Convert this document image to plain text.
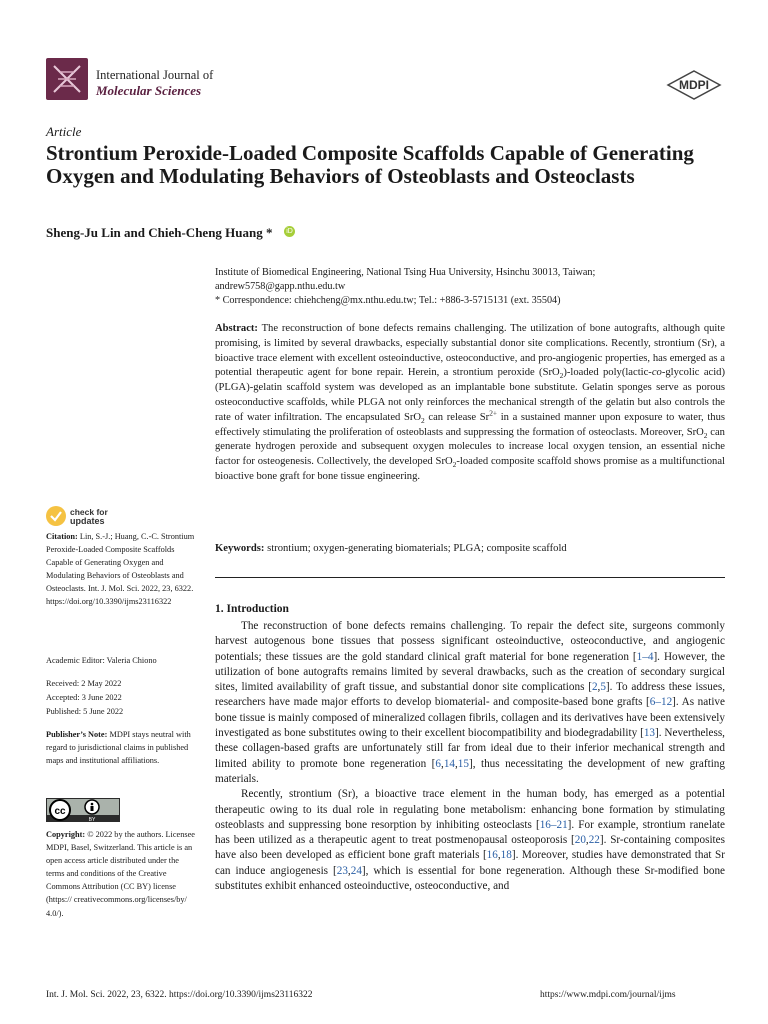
International Journal of
Molecular Sciences	MDPI
Article
Strontium Peroxide-Loaded Composite Scaffolds Capable of Generating Oxygen and Modulating Behaviors of Osteoblasts and Osteoclasts
Sheng-Ju Lin and Chieh-Cheng Huang *	iD
Institute of Biomedical Engineering, National Tsing Hua University, Hsinchu 30013, Taiwan;
andrew5758@gapp.nthu.edu.tw
* Correspondence: chiehcheng@mx.nthu.edu.tw; Tel.: +886-3-5715131 (ext. 35504)
Abstract: The reconstruction of bone defects remains challenging. The utilization of bone autografts, although quite promising, is limited by several drawbacks, especially substantial donor site complications. Recently, strontium (Sr), a bioactive trace element with excellent osteoinductive, osteoconductive, and pro-angiogenic properties, has emerged as a potential therapeutic agent for bone repair. Herein, a strontium peroxide (SrO$_2$)-loaded poly(lactic-co-glycolic acid) (PLGA)-gelatin scaffold system was developed as an implantable bone substitute. Gelatin sponges serve as porous osteoconductive scaffolds, while PLGA not only reinforces the mechanical strength of the gelatin but also controls the rate of water infiltration. The encapsulated SrO$_2$ can release $Sr^{2+}$ in a sustained manner upon exposure to water, thus effectively stimulating the proliferation of osteoblasts and suppressing the formation of osteoclasts. Moreover, SrO$_2$ can generate hydrogen peroxide and subsequent oxygen molecules to increase local oxygen tension, an essential niche factor for osteogenesis. Collectively, the developed SrO$_2$-loaded composite scaffold shows promise as a multifunctional bioactive bone graft for bone tissue engineering.
Keywords: strontium; oxygen-generating biomaterials; PLGA; composite scaffold
1. Introduction

The reconstruction of bone defects remains challenging. To repair the defect site, surgeons commonly harvest autogenous bone tissues that possess significant osteoinductive, osteoconductive, and angiogenic potentials; these tissues are the gold standard clinical graft material for bone regeneration [1–4]. However, the utilization of bone autografts remains limited by several drawbacks, such as the creation of secondary surgical sites, limited availability of graft tissue, and substantial donor site complications [2,5]. To address these issues, researchers have made major efforts to develop biomaterial- and composite-based bone grafts [6–12]. As native bone tissue is mainly composed of mineralized collagen fibrils, collagen and its derivatives have been extensively investigated as bone substitutes owing to their excellent biocompatibility and biodegradability [13]. Nevertheless, these collagen-based grafts are unfortunately still far from ideal due to their inferior mechanical strength and limited ability to promote bone regeneration [6,14,15], thus necessitating the development of new grafting materials.

Recently, strontium (Sr), a bioactive trace element in the human body, has emerged as a potential therapeutic owing to its dual role in regulating bone metabolism: enhancing bone formation by stimulating osteoblasts and suppressing bone resorption by inhibiting osteoclasts [16–21]. For example, strontium ranelate has been utilized as a therapeutic agent to treat postmenopausal osteoporosis [20,22]. Sr-containing composites have also been developed as efficient bone graft materials [16,18]. Moreover, studies have demonstrated that Sr can induce angiogenesis [23,24], which is essential for bone regeneration. Although these Sr-modified bone substitutes exhibit enhanced osteoinductive, osteoconductive, and

check for
updates
Citation: Lin, S.-J.; Huang, C.-C. Strontium Peroxide-Loaded Composite Scaffolds Capable of Generating Oxygen and Modulating Behaviors of Osteoblasts and Osteoclasts. Int. J. Mol. Sci. 2022, 23, 6322. https://doi.org/10.3390/ijms23116322
Academic Editor: Valeria Chiono
Received: 2 May 2022
Accepted: 3 June 2022
Published: 5 June 2022
Publisher’s Note: MDPI stays neutral with regard to jurisdictional claims in published maps and institutional affiliations.
cc
BY
Copyright: © 2022 by the authors. Licensee MDPI, Basel, Switzerland. This article is an open access article distributed under the terms and conditions of the Creative Commons Attribution (CC BY) license (https:// creativecommons.org/licenses/by/ 4.0/).
Int. J. Mol. Sci. 2022, 23, 6322. https://doi.org/10.3390/ijms23116322	https://www.mdpi.com/journal/ijms
